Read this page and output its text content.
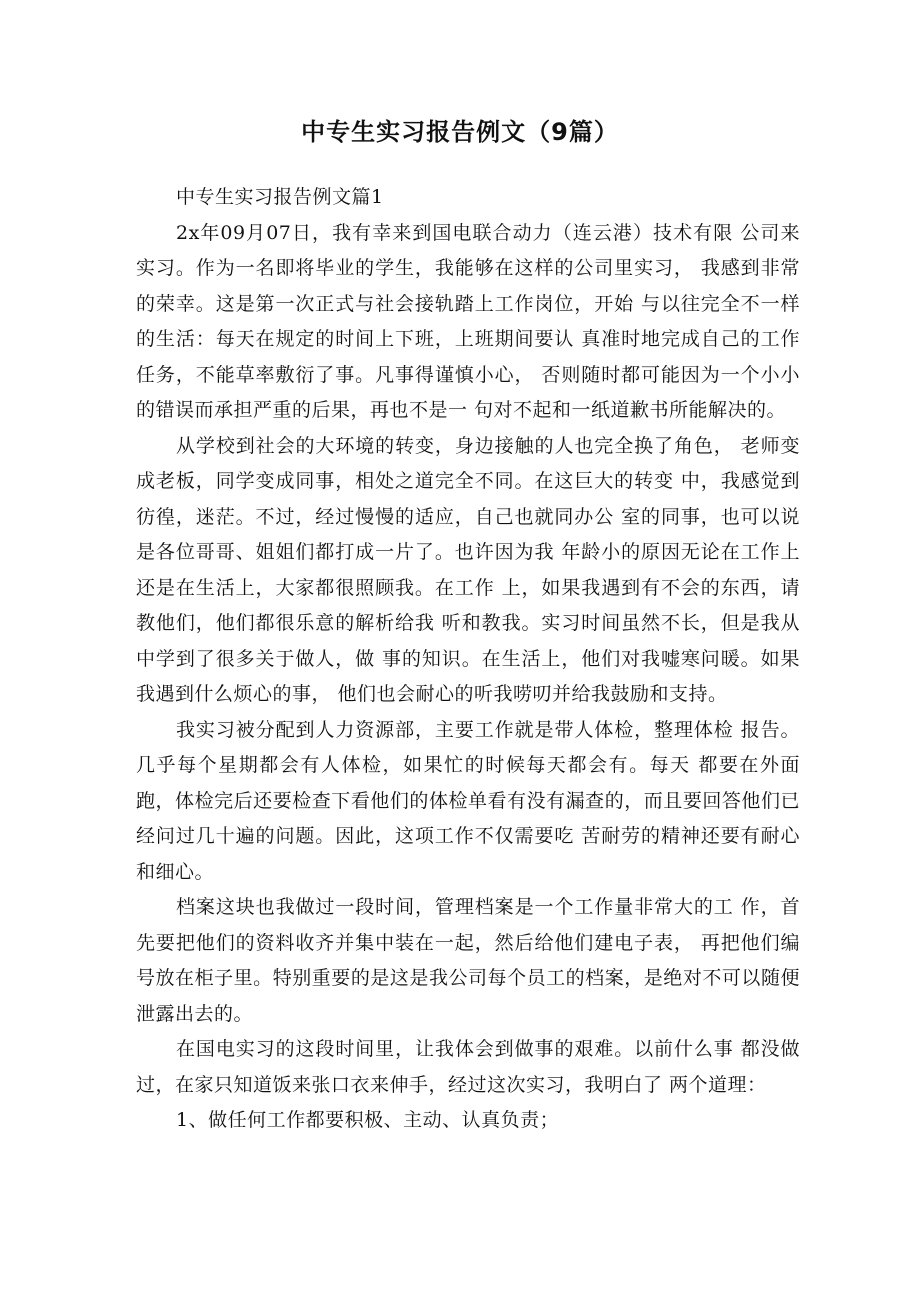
中专生实习报告例文（9篇）

中专生实习报告例文篇1

2x年09月07日，我有幸来到国电联合动力（连云港）技术有限 公司来实习。作为一名即将毕业的学生，我能够在这样的公司里实习， 我感到非常的荣幸。这是第一次正式与社会接轨踏上工作岗位，开始 与以往完全不一样的生活：每天在规定的时间上下班，上班期间要认 真准时地完成自己的工作任务，不能草率敷衍了事。凡事得谨慎小心， 否则随时都可能因为一个小小的错误而承担严重的后果，再也不是一 句对不起和一纸道歉书所能解决的。

从学校到社会的大环境的转变，身边接触的人也完全换了角色， 老师变成老板，同学变成同事，相处之道完全不同。在这巨大的转变 中，我感觉到彷徨，迷茫。不过，经过慢慢的适应，自己也就同办公 室的同事，也可以说是各位哥哥、姐姐们都打成一片了。也许因为我 年龄小的原因无论在工作上还是在生活上，大家都很照顾我。在工作 上，如果我遇到有不会的东西，请教他们，他们都很乐意的解析给我 听和教我。实习时间虽然不长，但是我从中学到了很多关于做人，做 事的知识。在生活上，他们对我嘘寒问暖。如果我遇到什么烦心的事， 他们也会耐心的听我唠叨并给我鼓励和支持。

我实习被分配到人力资源部，主要工作就是带人体检，整理体检 报告。几乎每个星期都会有人体检，如果忙的时候每天都会有。每天 都要在外面跑，体检完后还要检查下看他们的体检单看有没有漏查的，而且要回答他们已经问过几十遍的问题。因此，这项工作不仅需要吃 苦耐劳的精神还要有耐心和细心。

档案这块也我做过一段时间，管理档案是一个工作量非常大的工 作，首先要把他们的资料收齐并集中装在一起，然后给他们建电子表， 再把他们编号放在柜子里。特别重要的是这是我公司每个员工的档案，是绝对不可以随便泄露出去的。

在国电实习的这段时间里，让我体会到做事的艰难。以前什么事 都没做过，在家只知道饭来张口衣来伸手，经过这次实习，我明白了 两个道理：

1、做任何工作都要积极、主动、认真负责；
